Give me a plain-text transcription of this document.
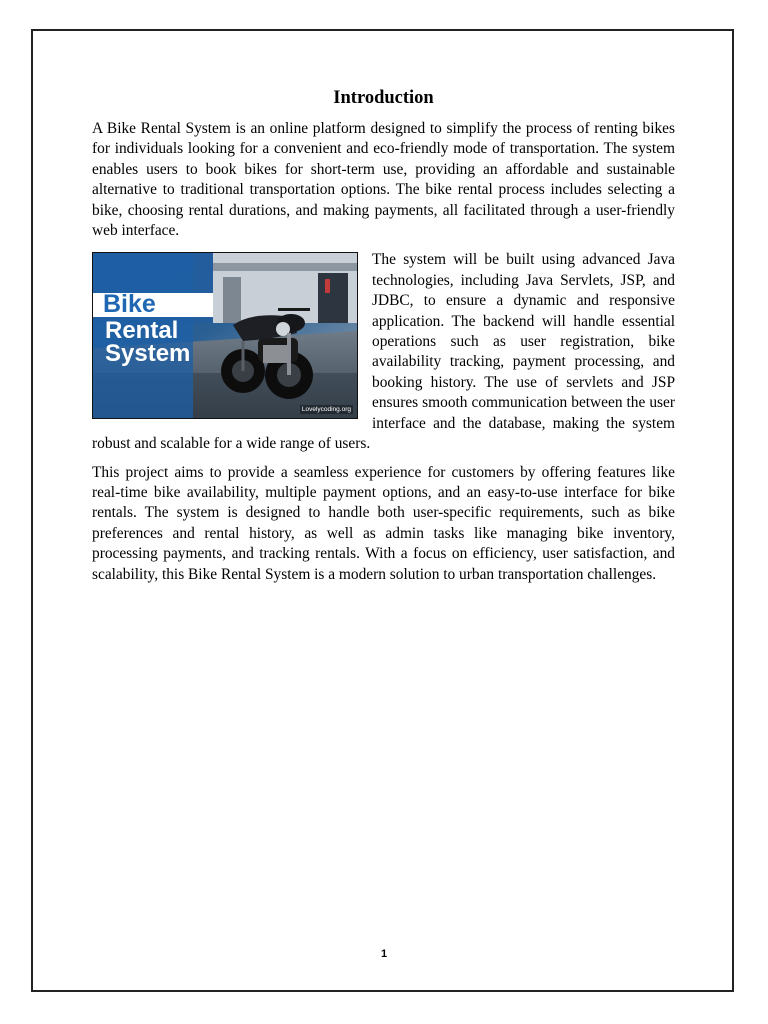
Introduction

A Bike Rental System is an online platform designed to simplify the process of renting bikes for individuals looking for a convenient and eco-friendly mode of transportation. The system enables users to book bikes for short-term use, providing an affordable and sustainable alternative to traditional transportation options. The bike rental process includes selecting a bike, choosing rental durations, and making payments, all facilitated through a user-friendly web interface.

Bike
Rental
System
Lovelycoding.org

The system will be built using advanced Java technologies, including Java Servlets, JSP, and JDBC, to ensure a dynamic and responsive application. The backend will handle essential operations such as user registration, bike availability tracking, payment processing, and booking history. The use of servlets and JSP ensures smooth communication between the user interface and the database, making the system robust and scalable for a wide range of users.

This project aims to provide a seamless experience for customers by offering features like real-time bike availability, multiple payment options, and an easy-to-use interface for bike rentals. The system is designed to handle both user-specific requirements, such as bike preferences and rental history, as well as admin tasks like managing bike inventory, processing payments, and tracking rentals. With a focus on efficiency, user satisfaction, and scalability, this Bike Rental System is a modern solution to urban transportation challenges.

1
